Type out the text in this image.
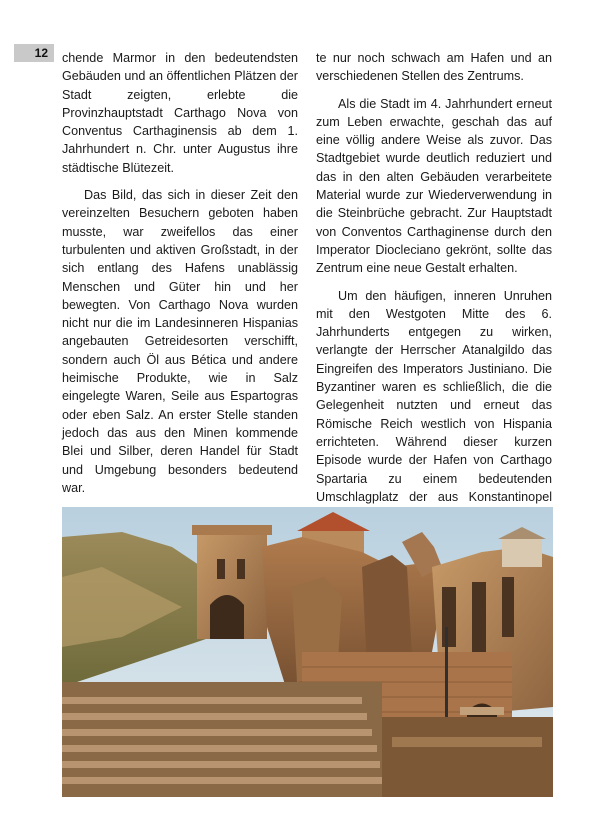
12	chende Marmor in den bedeutendsten Gebäuden und an öffentlichen Plätzen der Stadt zeigten, erlebte die Provinzhauptstadt Carthago Nova von Conventus Carthaginensis ab dem 1. Jahrhundert n. Chr. unter Augustus ihre städtische Blütezeit.

Das Bild, das sich in dieser Zeit den vereinzelten Besuchern geboten haben musste, war zweifellos das einer turbulenten und aktiven Großstadt, in der sich entlang des Hafens unablässig Menschen und Güter hin und her bewegten. Von Carthago Nova wurden nicht nur die im Landesinneren Hispanias angebauten Getreidesorten verschifft, sondern auch Öl aus Bética und andere heimische Produkte, wie in Salz eingelegte Waren, Seile aus Espartogras oder eben Salz. An erster Stelle standen jedoch das aus den Minen kommende Blei und Silber, deren Handel für Stadt und Umgebung besonders bedeutend war.

te nur noch schwach am Hafen und an verschiedenen Stellen des Zentrums.

Als die Stadt im 4. Jahrhundert erneut zum Leben erwachte, geschah das auf eine völlig andere Weise als zuvor. Das Stadtgebiet wurde deutlich reduziert und das in den alten Gebäuden verarbeitete Material wurde zur Wiederverwendung in die Steinbrüche gebracht. Zur Hauptstadt von Conventos Carthaginense durch den Imperator Diocleciano gekrönt, sollte das Zentrum eine neue Gestalt erhalten.

Um den häufigen, inneren Unruhen mit den Westgoten Mitte des 6. Jahrhunderts entgegen zu wirken, verlangte der Herrscher Atanalgildo das Eingreifen des Imperators Justiniano. Die Byzantiner waren es schließlich, die die Gelegenheit nutzten und erneut das Römische Reich westlich von Hispania errichteten. Während dieser kurzen Episode wurde der Hafen von Carthago Spartaria zu einem bedeutenden Umschlagplatz der aus Konstantinopel
